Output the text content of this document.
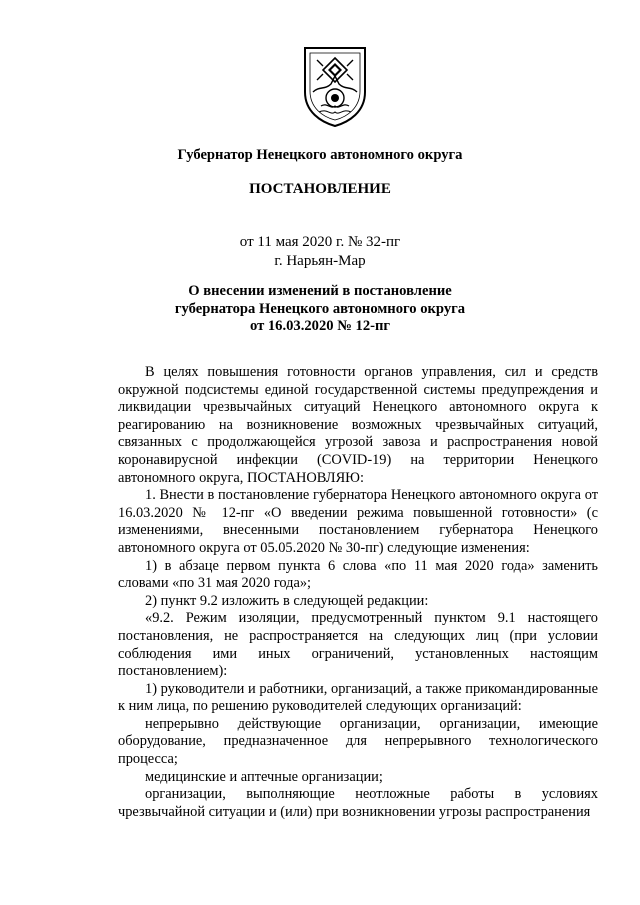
Губернатор Ненецкого автономного округа
ПОСТАНОВЛЕНИЕ
от 11 мая 2020 г. № 32-пг
г. Нарьян-Мар
О внесении изменений в постановление
губернатора Ненецкого автономного округа
от 16.03.2020 № 12-пг

В целях повышения готовности органов управления, сил и средств окружной подсистемы единой государственной системы предупреждения и ликвидации чрезвычайных ситуаций Ненецкого автономного округа к реагированию на возникновение возможных чрезвычайных ситуаций, связанных с продолжающейся угрозой завоза и распространения новой коронавирусной инфекции (COVID-19) на территории Ненецкого автономного округа, ПОСТАНОВЛЯЮ:

1. Внести в постановление губернатора Ненецкого автономного округа от 16.03.2020 № 12-пг «О введении режима повышенной готовности» (с изменениями, внесенными постановлением губернатора Ненецкого автономного округа от 05.05.2020 № 30-пг) следующие изменения:

1) в абзаце первом пункта 6 слова «по 11 мая 2020 года» заменить словами «по 31 мая 2020 года»;

2) пункт 9.2 изложить в следующей редакции:

«9.2. Режим изоляции, предусмотренный пунктом 9.1 настоящего постановления, не распространяется на следующих лиц (при условии соблюдения ими иных ограничений, установленных настоящим постановлением):

1) руководители и работники, организаций, а также прикомандированные к ним лица, по решению руководителей следующих организаций:

непрерывно действующие организации, организации, имеющие оборудование, предназначенное для непрерывного технологического процесса;

медицинские и аптечные организации;

организации, выполняющие неотложные работы в условиях чрезвычайной ситуации и (или) при возникновении угрозы распространения
